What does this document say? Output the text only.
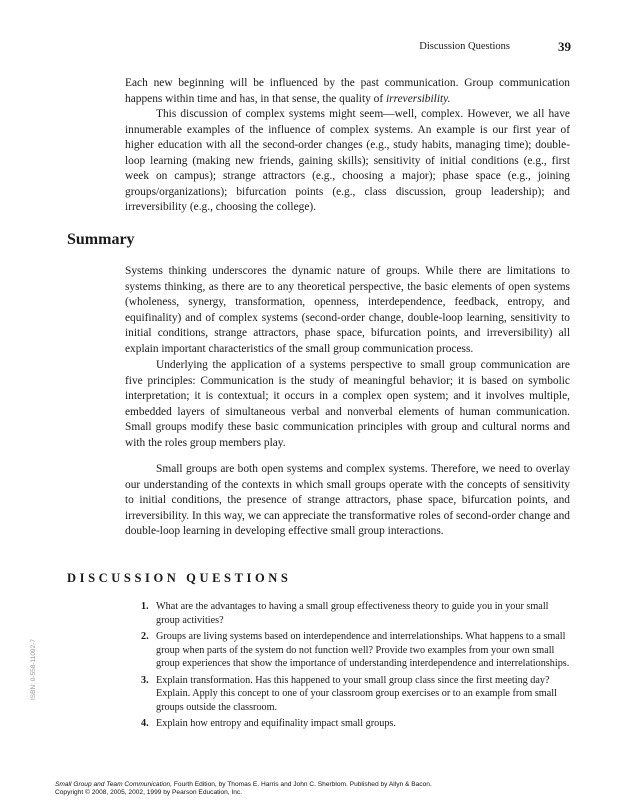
Discussion Questions	39

Each new beginning will be influenced by the past communication. Group communication happens within time and has, in that sense, the quality of irreversibility.

This discussion of complex systems might seem—well, complex. However, we all have innumerable examples of the influence of complex systems. An example is our first year of higher education with all the second-order changes (e.g., study habits, managing time); double-loop learning (making new friends, gaining skills); sensitivity of initial conditions (e.g., first week on campus); strange attractors (e.g., choosing a major); phase space (e.g., joining groups/organizations); bifurcation points (e.g., class discussion, group leadership); and irreversibility (e.g., choosing the college).

Summary

Systems thinking underscores the dynamic nature of groups. While there are limitations to systems thinking, as there are to any theoretical perspective, the basic elements of open systems (wholeness, synergy, transformation, openness, interdependence, feedback, entropy, and equifinality) and of complex systems (second-order change, double-loop learning, sensitivity to initial conditions, strange attractors, phase space, bifurcation points, and irreversibility) all explain important characteristics of the small group communication process.

Underlying the application of a systems perspective to small group communication are five principles: Communication is the study of meaningful behavior; it is based on symbolic interpretation; it is contextual; it occurs in a complex open system; and it involves multiple, embedded layers of simultaneous verbal and nonverbal elements of human communication. Small groups modify these basic communication principles with group and cultural norms and with the roles group members play.

Small groups are both open systems and complex systems. Therefore, we need to overlay our understanding of the contexts in which small groups operate with the concepts of sensitivity to initial conditions, the presence of strange attractors, phase space, bifurcation points, and irreversibility. In this way, we can appreciate the transformative roles of second-order change and double-loop learning in developing effective small group interactions.

DISCUSSION QUESTIONS
1. What are the advantages to having a small group effectiveness theory to guide you in your small group activities?
2. Groups are living systems based on interdependence and interrelationships. What happens to a small group when parts of the system do not function well? Provide two examples from your own small group experiences that show the importance of understanding interdependence and interrelationships.
3. Explain transformation. Has this happened to your small group class since the first meeting day? Explain. Apply this concept to one of your classroom group exercises or to an example from small groups outside the classroom.
4. Explain how entropy and equifinality impact small groups.
ISBN: 0-558-11092-7
Small Group and Team Communication, Fourth Edition, by Thomas E. Harris and John C. Sherblom. Published by Allyn & Bacon.
Copyright © 2008, 2005, 2002, 1999 by Pearson Education, Inc.
